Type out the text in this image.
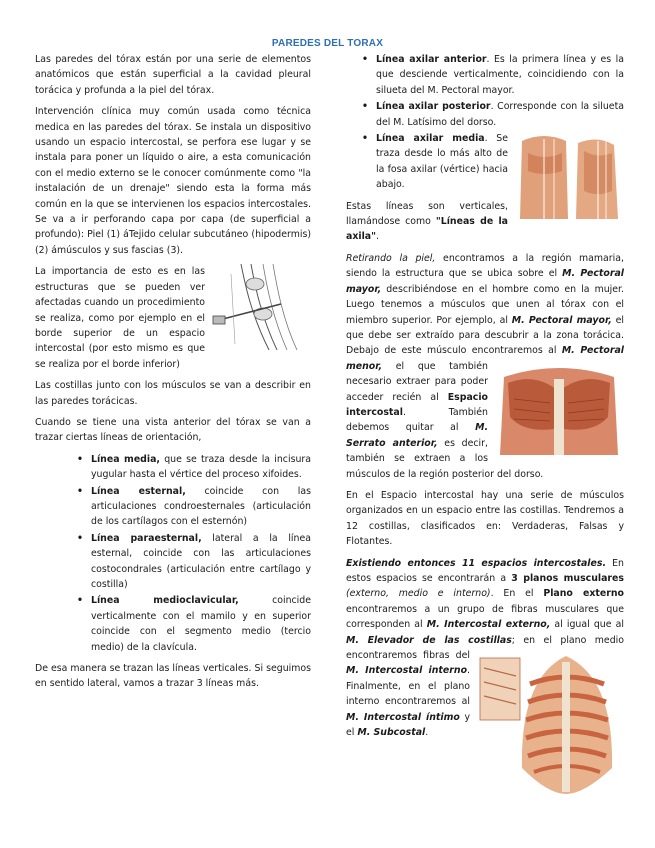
PAREDES DEL TORAX

Las paredes del tórax están por una serie de elementos anatómicos que están superficial a la cavidad pleural torácica y profunda a la piel del tórax.

Intervención clínica muy común usada como técnica medica en las paredes del tórax. Se instala un dispositivo usando un espacio intercostal, se perfora ese lugar y se instala para poner un líquido o aire, a esta comunicación con el medio externo se le conocer comúnmente como "la instalación de un drenaje" siendo esta la forma más común en la que se intervienen los espacios intercostales. Se va a ir perforando capa por capa (de superficial a profundo): Piel (1) áTejido celular subcutáneo (hipodermis) (2) ámúsculos y sus fascias (3).

La importancia de esto es en las estructuras que se pueden ver afectadas cuando un procedimiento se realiza, como por ejemplo en el borde superior de un espacio intercostal (por esto mismo es que se realiza por el borde inferior)

Las costillas junto con los músculos se van a describir en las paredes torácicas.

Cuando se tiene una vista anterior del tórax se van a trazar ciertas líneas de orientación,

• Línea media, que se traza desde la incisura yugular hasta el vértice del proceso xifoides.
• Línea esternal, coincide con las articulaciones condroesternales (articulación de los cartílagos con el esternón)
• Línea paraesternal, lateral a la línea esternal, coincide con las articulaciones costocondrales (articulación entre cartílago y costilla)
• Línea medioclavicular, coincide verticalmente con el mamilo y en superior coincide con el segmento medio (tercio medio) de la clavícula.

De esa manera se trazan las líneas verticales. Si seguimos en sentido lateral, vamos a trazar 3 líneas más.

• Línea axilar anterior. Es la primera línea y es la que desciende verticalmente, coincidiendo con la silueta del M. Pectoral mayor.
• Línea axilar posterior. Corresponde con la silueta del M. Latísimo del dorso.
• Línea axilar media. Se traza desde lo más alto de la fosa axilar (vértice) hacia abajo.

Estas líneas son verticales, llamándose como "Líneas de la axila".

Retirando la piel, encontramos a la región mamaria, siendo la estructura que se ubica sobre el M. Pectoral mayor, describiéndose en el hombre como en la mujer. Luego tenemos a músculos que unen al tórax con el miembro superior. Por ejemplo, al M. Pectoral mayor, el que debe ser extraído para descubrir a la zona torácica. Debajo de este músculo encontraremos al M. Pectoral menor,
el que también necesario extraer para poder acceder recién al Espacio intercostal. También debemos quitar al M. Serrato anterior, es decir, también se extraen a los músculos de la región posterior del dorso.

En el Espacio intercostal hay una serie de músculos organizados en un espacio entre las costillas. Tendremos a 12 costillas, clasificados en: Verdaderas, Falsas y Flotantes.

Existiendo entonces 11 espacios intercostales. En estos espacios se encontrarán a 3 planos musculares (externo, medio e interno). En el Plano externo encontraremos a un grupo de fibras musculares que corresponden al M. Intercostal externo, al igual que al M. Elevador de las costillas; en el plano medio encontraremos fibras del
M. Intercostal interno. Finalmente, en el plano interno encontraremos al M. Intercostal íntimo y el M. Subcostal.
